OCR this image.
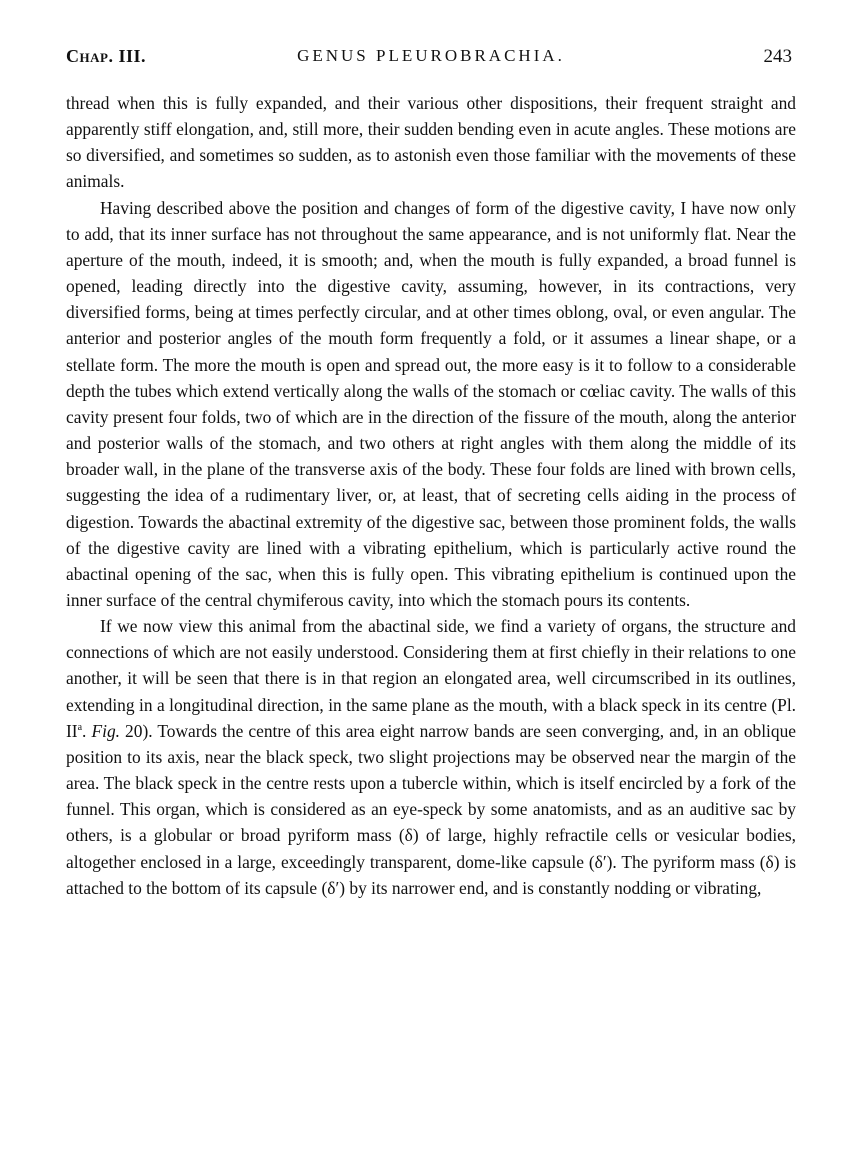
Chap. III.	GENUS PLEUROBRACHIA.	243

thread when this is fully expanded, and their various other dispositions, their frequent straight and apparently stiff elongation, and, still more, their sudden bending even in acute angles. These motions are so diversified, and sometimes so sudden, as to astonish even those familiar with the movements of these animals.

Having described above the position and changes of form of the digestive cavity, I have now only to add, that its inner surface has not throughout the same appearance, and is not uniformly flat. Near the aperture of the mouth, indeed, it is smooth; and, when the mouth is fully expanded, a broad funnel is opened, leading directly into the digestive cavity, assuming, however, in its contractions, very diversified forms, being at times perfectly circular, and at other times oblong, oval, or even angular. The anterior and posterior angles of the mouth form frequently a fold, or it assumes a linear shape, or a stellate form. The more the mouth is open and spread out, the more easy is it to follow to a considerable depth the tubes which extend vertically along the walls of the stomach or cœliac cavity. The walls of this cavity present four folds, two of which are in the direction of the fissure of the mouth, along the anterior and posterior walls of the stomach, and two others at right angles with them along the middle of its broader wall, in the plane of the transverse axis of the body. These four folds are lined with brown cells, suggesting the idea of a rudimentary liver, or, at least, that of secreting cells aiding in the process of digestion. Towards the abactinal extremity of the digestive sac, between those prominent folds, the walls of the digestive cavity are lined with a vibrating epithelium, which is particularly active round the abactinal opening of the sac, when this is fully open. This vibrating epithelium is continued upon the inner surface of the central chymiferous cavity, into which the stomach pours its contents.

If we now view this animal from the abactinal side, we find a variety of organs, the structure and connections of which are not easily understood. Considering them at first chiefly in their relations to one another, it will be seen that there is in that region an elongated area, well circumscribed in its outlines, extending in a longitudinal direction, in the same plane as the mouth, with a black speck in its centre (Pl. $II^a$. Fig. 20). Towards the centre of this area eight narrow bands are seen converging, and, in an oblique position to its axis, near the black speck, two slight projections may be observed near the margin of the area. The black speck in the centre rests upon a tubercle within, which is itself encircled by a fork of the funnel. This organ, which is considered as an eye-speck by some anatomists, and as an auditive sac by others, is a globular or broad pyriform mass (δ) of large, highly refractile cells or vesicular bodies, altogether enclosed in a large, exceedingly transparent, dome-like capsule (δ′). The pyriform mass (δ) is attached to the bottom of its capsule (δ′) by its narrower end, and is constantly nodding or vibrating,
